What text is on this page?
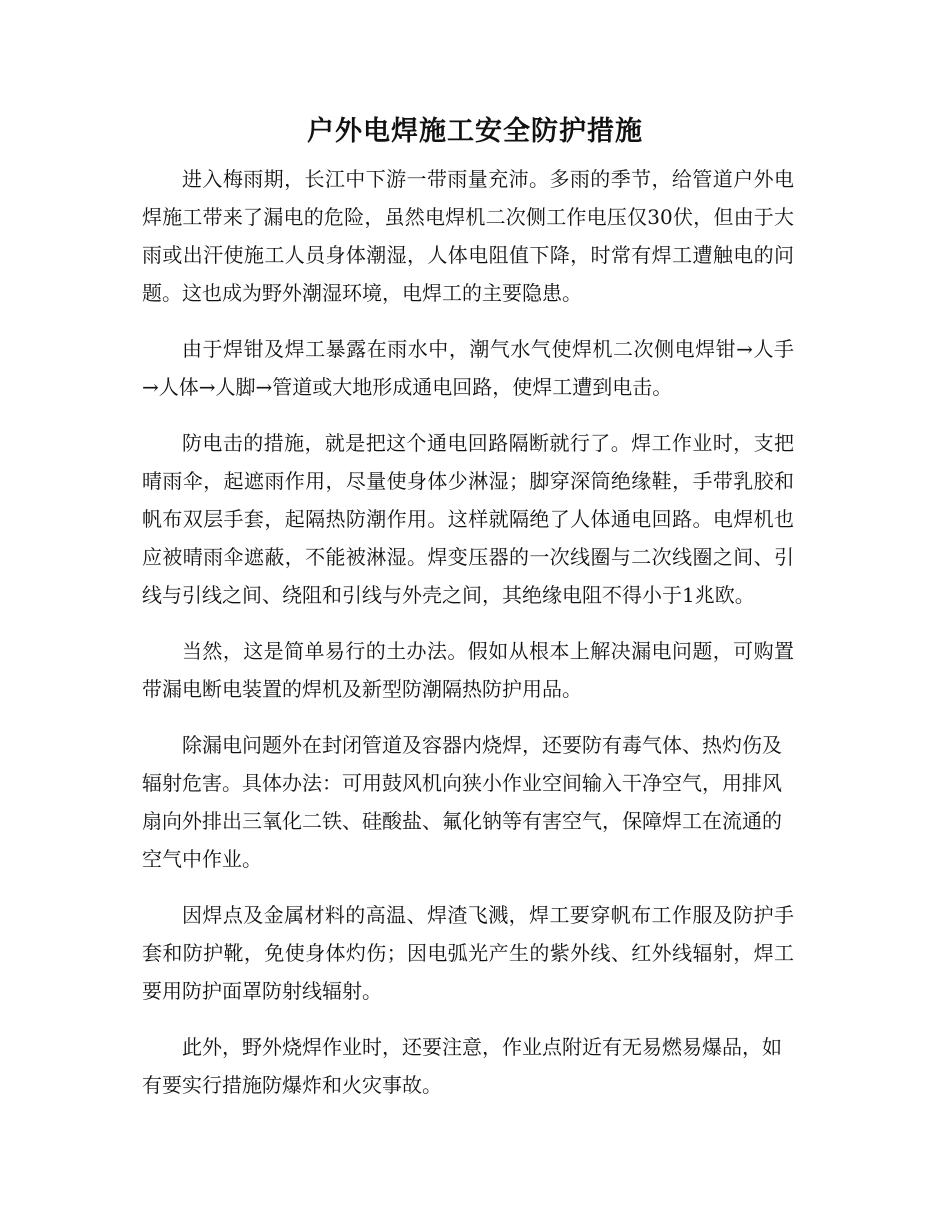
户外电焊施工安全防护措施

进入梅雨期，长江中下游一带雨量充沛。多雨的季节，给管道户外电焊施工带来了漏电的危险，虽然电焊机二次侧工作电压仅30伏，但由于大雨或出汗使施工人员身体潮湿，人体电阻值下降，时常有焊工遭触电的问题。这也成为野外潮湿环境，电焊工的主要隐患。

由于焊钳及焊工暴露在雨水中，潮气水气使焊机二次侧电焊钳→人手→人体→人脚→管道或大地形成通电回路，使焊工遭到电击。

防电击的措施，就是把这个通电回路隔断就行了。焊工作业时，支把晴雨伞，起遮雨作用，尽量使身体少淋湿；脚穿深筒绝缘鞋，手带乳胶和帆布双层手套，起隔热防潮作用。这样就隔绝了人体通电回路。电焊机也应被晴雨伞遮蔽，不能被淋湿。焊变压器的一次线圈与二次线圈之间、引线与引线之间、绕阻和引线与外壳之间，其绝缘电阻不得小于1兆欧。

当然，这是简单易行的土办法。假如从根本上解决漏电问题，可购置带漏电断电装置的焊机及新型防潮隔热防护用品。

除漏电问题外在封闭管道及容器内烧焊，还要防有毒气体、热灼伤及辐射危害。具体办法：可用鼓风机向狭小作业空间输入干净空气，用排风扇向外排出三氧化二铁、硅酸盐、氟化钠等有害空气，保障焊工在流通的空气中作业。

因焊点及金属材料的高温、焊渣飞溅，焊工要穿帆布工作服及防护手套和防护靴，免使身体灼伤；因电弧光产生的紫外线、红外线辐射，焊工要用防护面罩防射线辐射。

此外，野外烧焊作业时，还要注意，作业点附近有无易燃易爆品，如有要实行措施防爆炸和火灾事故。
